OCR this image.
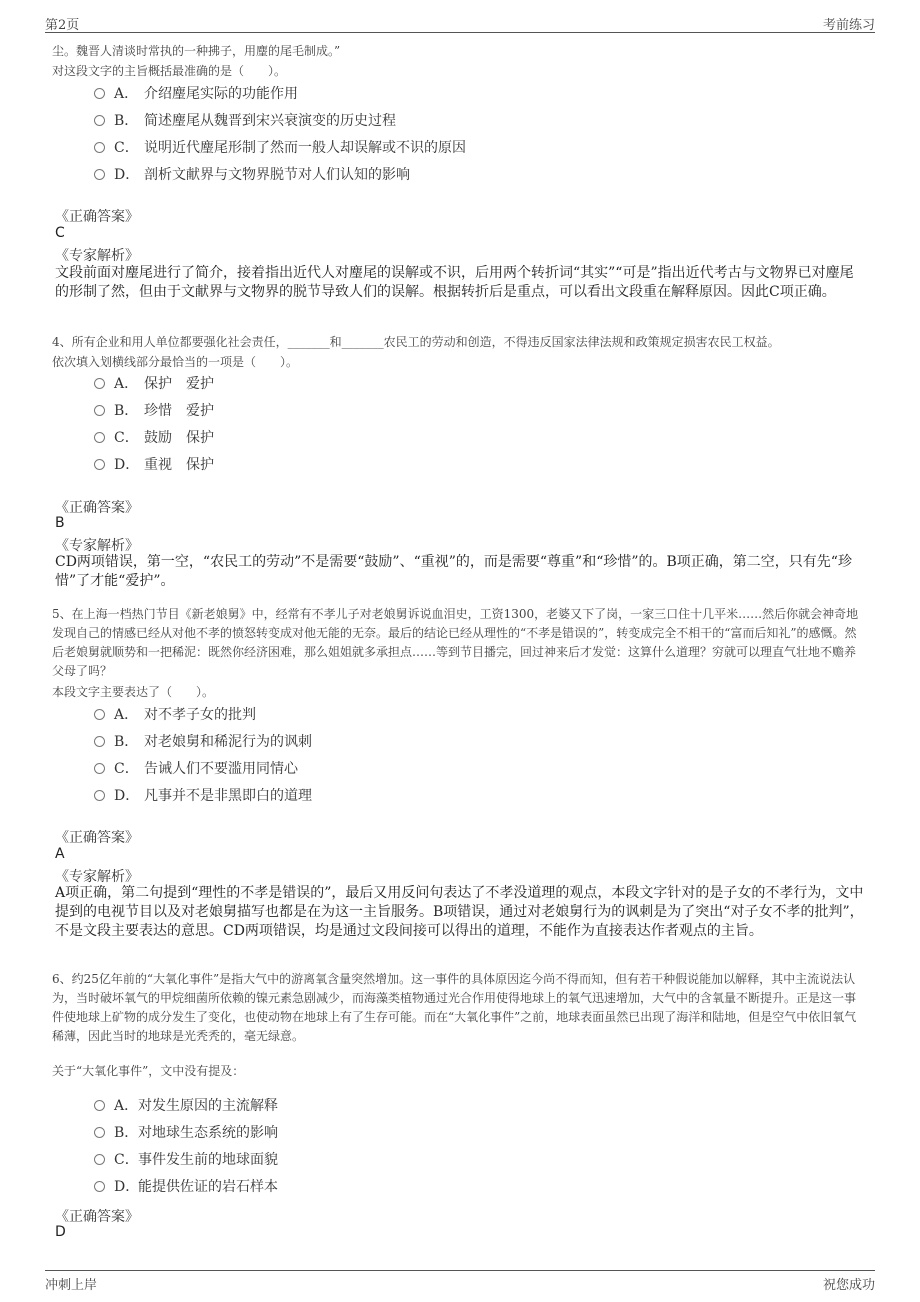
第2页	考前练习
尘。魏晋人清谈时常执的一种拂子，用麈的尾毛制成。”
对这段文字的主旨概括最准确的是（　　）。
A． 介绍麈尾实际的功能作用
B． 简述麈尾从魏晋到宋兴衰演变的历史过程
C． 说明近代麈尾形制了然而一般人却误解或不识的原因
D． 剖析文献界与文物界脱节对人们认知的影响
《正确答案》
C
《专家解析》
文段前面对麈尾进行了简介，接着指出近代人对麈尾的误解或不识，后用两个转折词“其实”“可是”指出近代考古与文物界已对麈尾的形制了然，但由于文献界与文物界的脱节导致人们的误解。根据转折后是重点，可以看出文段重在解释原因。因此C项正确。
4、所有企业和用人单位都要强化社会责任，_______和_______农民工的劳动和创造，不得违反国家法律法规和政策规定损害农民工权益。
依次填入划横线部分最恰当的一项是（　　）。
A． 保护　爱护
B． 珍惜　爱护
C． 鼓励　保护
D． 重视　保护
《正确答案》
B
《专家解析》
CD两项错误，第一空，“农民工的劳动”不是需要“鼓励”、“重视”的，而是需要“尊重”和“珍惜”的。B项正确，第二空，只有先“珍惜”了才能“爱护”。
5、在上海一档热门节目《新老娘舅》中，经常有不孝儿子对老娘舅诉说血泪史，工资1300，老婆又下了岗，一家三口住十几平米……然后你就会神奇地发现自己的情感已经从对他不孝的愤怒转变成对他无能的无奈。最后的结论已经从理性的“不孝是错误的”，转变成完全不相干的“富而后知礼”的感慨。然后老娘舅就顺势和一把稀泥：既然你经济困难，那么姐姐就多承担点……等到节目播完，回过神来后才发觉：这算什么道理？穷就可以理直气壮地不赡养父母了吗？
本段文字主要表达了（　　）。
A． 对不孝子女的批判
B． 对老娘舅和稀泥行为的讽刺
C． 告诫人们不要滥用同情心
D． 凡事并不是非黑即白的道理
《正确答案》
A
《专家解析》
A项正确，第二句提到“理性的不孝是错误的”，最后又用反问句表达了不孝没道理的观点，本段文字针对的是子女的不孝行为，文中提到的电视节目以及对老娘舅描写也都是在为这一主旨服务。B项错误，通过对老娘舅行为的讽刺是为了突出“对子女不孝的批判”，不是文段主要表达的意思。CD两项错误，均是通过文段间接可以得出的道理，不能作为直接表达作者观点的主旨。
6、约25亿年前的“大氧化事件”是指大气中的游离氧含量突然增加。这一事件的具体原因迄今尚不得而知，但有若干种假说能加以解释，其中主流说法认为，当时破坏氧气的甲烷细菌所依赖的镍元素急剧减少，而海藻类植物通过光合作用使得地球上的氧气迅速增加，大气中的含氧量不断提升。正是这一事件使地球上矿物的成分发生了变化，也使动物在地球上有了生存可能。而在“大氧化事件”之前，地球表面虽然已出现了海洋和陆地，但是空气中依旧氧气稀薄，因此当时的地球是光秃秃的，毫无绿意。
关于“大氧化事件”，文中没有提及：
A．对发生原因的主流解释
B．对地球生态系统的影响
C．事件发生前的地球面貌
D．能提供佐证的岩石样本
《正确答案》
D
冲刺上岸	祝您成功
